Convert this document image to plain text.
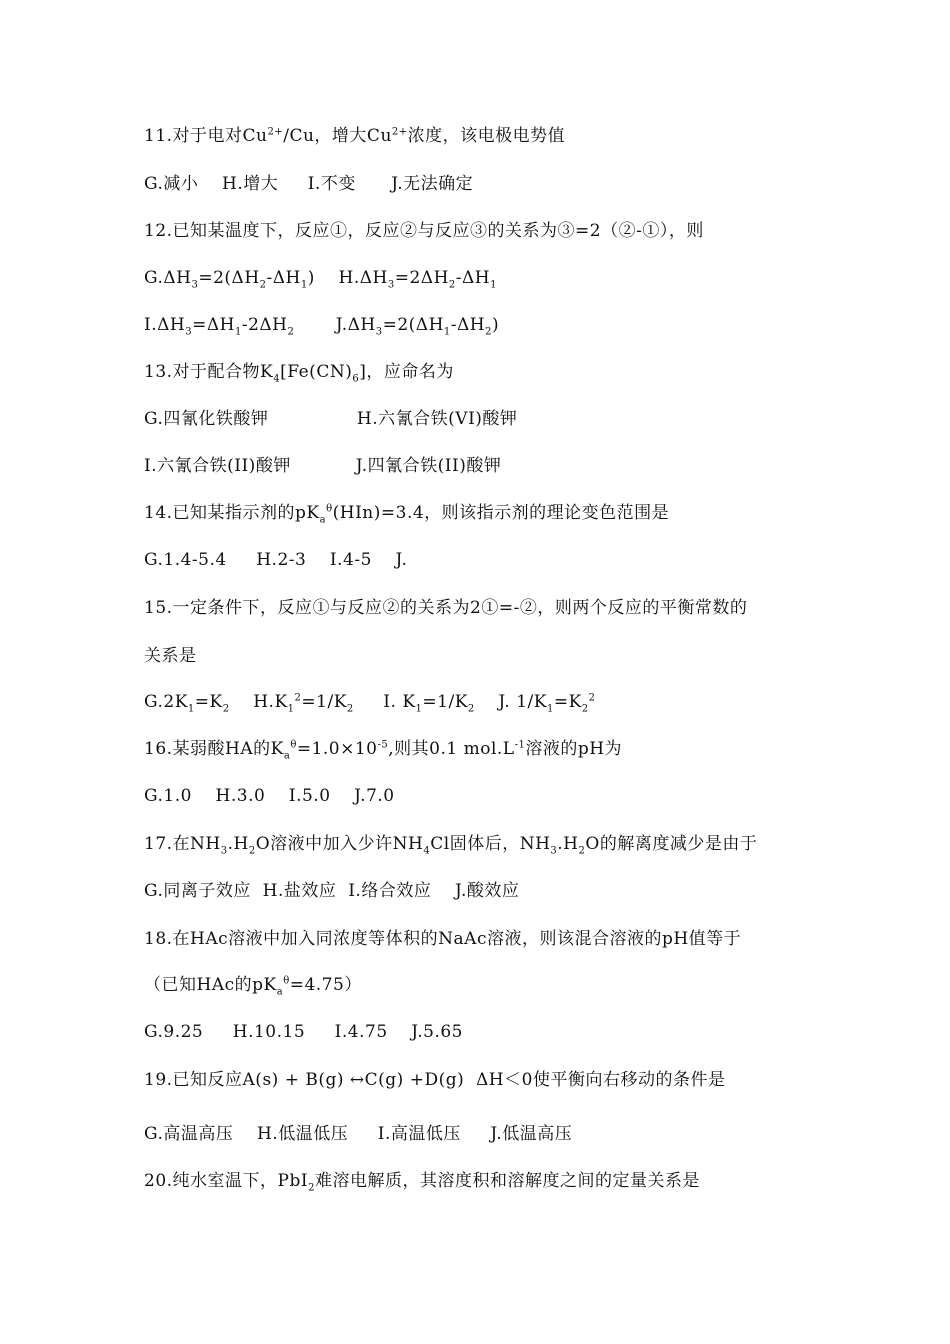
11.对于电对$Cu^{2+}/Cu$，增大$Cu^{2+}$浓度，该电极电势值
G.减小    H.增大     I.不变      J.无法确定
12.已知某温度下，反应①，反应②与反应③的关系为③=2（②-①），则
$G.\Delta H_3=2(\Delta H_2-\Delta H_1)$    $H.\Delta H_3=2\Delta H_2-\Delta H_1$
$I.\Delta H_3=\Delta H_1-2\Delta H_2$       $J.\Delta H_3=2(\Delta H_1-\Delta H_2)$
13.对于配合物$K_4[Fe(CN)_6]$，应命名为
G.四氰化铁酸钾               H.六氰合铁(VI)酸钾
I.六氰合铁(II)酸钾           J.四氰合铁(II)酸钾
14.已知某指示剂的$pK_a^\theta(HIn)=3.4$，则该指示剂的理论变色范围是
G.1.4-5.4     H.2-3    I.4-5    J.
15.一定条件下，反应①与反应②的关系为2①=-②，则两个反应的平衡常数的
关系是
$G.2K_1=K_2$    $H.K_1^2=1/K_2$     I. $K_1=1/K_2$    J. $1/K_1=K_2^2$
16.某弱酸HA的$K_a^\theta=1.0\times 10^{-5}$,则其0.1 $mol.L^{-1}$溶液的pH为
G.1.0    H.3.0    I.5.0    J.7.0
17.在$NH_3.H_2O$溶液中加入少许$NH_4Cl$固体后，$NH_3.H_2O$的解离度减少是由于
G.同离子效应  H.盐效应  I.络合效应    J.酸效应
18.在HAc溶液中加入同浓度等体积的NaAc溶液，则该混合溶液的pH值等于
（已知HAc的$pK_a^\theta=4.75$）
G.9.25     H.10.15     I.4.75    J.5.65
19.已知反应A(s) + B(g) ↔C(g) +D(g)  ΔH＜0使平衡向右移动的条件是
G.高温高压    H.低温低压     I.高温低压     J.低温高压
20.纯水室温下，PbI$_2$难溶电解质，其溶度积和溶解度之间的定量关系是
